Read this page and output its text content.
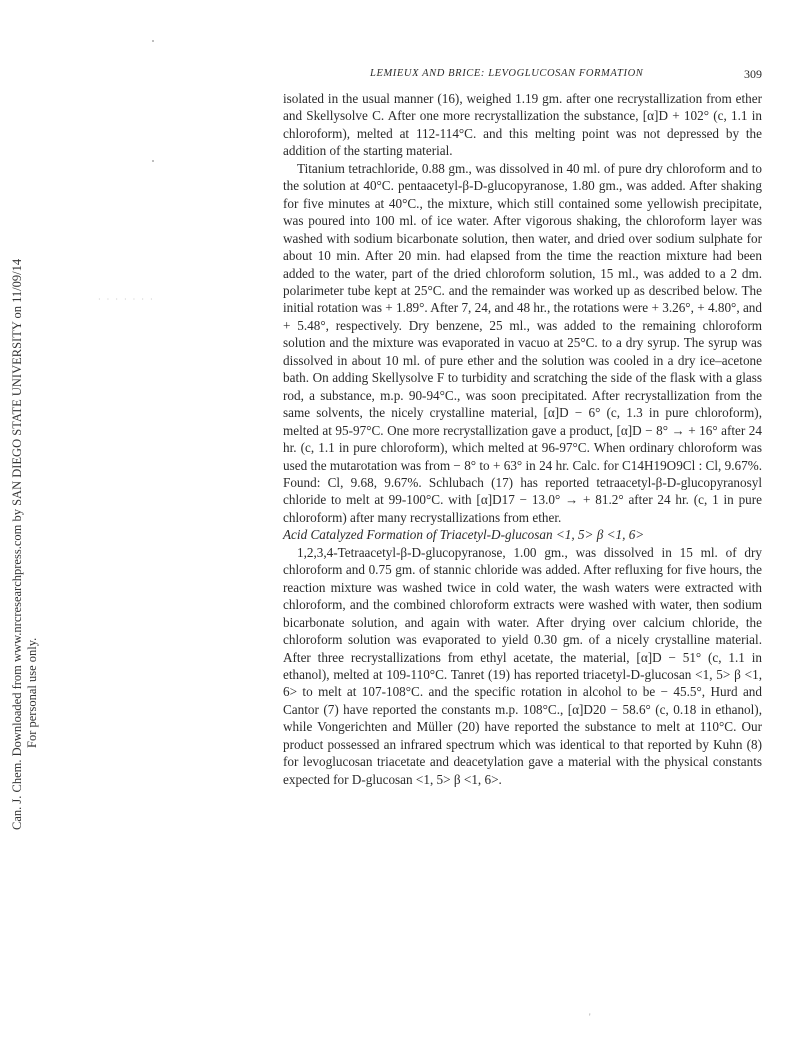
LEMIEUX AND BRICE: LEVOGLUCOSAN FORMATION	309
Can. J. Chem. Downloaded from www.nrcresearchpress.com by SAN DIEGO STATE UNIVERSITY on 11/09/14 For personal use only.
· · · · · · ·

isolated in the usual manner (16), weighed 1.19 gm. after one recrystallization from ether and Skellysolve C. After one more recrystallization the substance, [α]D + 102° (c, 1.1 in chloroform), melted at 112-114°C. and this melting point was not depressed by the addition of the starting material.

Titanium tetrachloride, 0.88 gm., was dissolved in 40 ml. of pure dry chloroform and to the solution at 40°C. pentaacetyl-β-D-glucopyranose, 1.80 gm., was added. After shaking for five minutes at 40°C., the mixture, which still contained some yellowish precipitate, was poured into 100 ml. of ice water. After vigorous shaking, the chloroform layer was washed with sodium bicarbonate solution, then water, and dried over sodium sulphate for about 10 min. After 20 min. had elapsed from the time the reaction mixture had been added to the water, part of the dried chloroform solution, 15 ml., was added to a 2 dm. polarimeter tube kept at 25°C. and the remainder was worked up as described below. The initial rotation was + 1.89°. After 7, 24, and 48 hr., the rotations were + 3.26°, + 4.80°, and + 5.48°, respectively. Dry benzene, 25 ml., was added to the remaining chloroform solution and the mixture was evaporated in vacuo at 25°C. to a dry syrup. The syrup was dissolved in about 10 ml. of pure ether and the solution was cooled in a dry ice–acetone bath. On adding Skellysolve F to turbidity and scratching the side of the flask with a glass rod, a substance, m.p. 90-94°C., was soon precipitated. After recrystallization from the same solvents, the nicely crystalline material, [α]D − 6° (c, 1.3 in pure chloroform), melted at 95-97°C. One more recrystallization gave a product, [α]D − 8° → + 16° after 24 hr. (c, 1.1 in pure chloroform), which melted at 96-97°C. When ordinary chloroform was used the mutarotation was from − 8° to + 63° in 24 hr. Calc. for C14H19O9Cl : Cl, 9.67%. Found: Cl, 9.68, 9.67%. Schlubach (17) has reported tetraacetyl-β-D-glucopyranosyl chloride to melt at 99-100°C. with [α]D17 − 13.0° → + 81.2° after 24 hr. (c, 1 in pure chloroform) after many recrystallizations from ether.

Acid Catalyzed Formation of Triacetyl-D-glucosan <1, 5> β <1, 6>

1,2,3,4-Tetraacetyl-β-D-glucopyranose, 1.00 gm., was dissolved in 15 ml. of dry chloroform and 0.75 gm. of stannic chloride was added. After refluxing for five hours, the reaction mixture was washed twice in cold water, the wash waters were extracted with chloroform, and the combined chloroform extracts were washed with water, then sodium bicarbonate solution, and again with water. After drying over calcium chloride, the chloroform solution was evaporated to yield 0.30 gm. of a nicely crystalline material. After three recrystallizations from ethyl acetate, the material, [α]D − 51° (c, 1.1 in ethanol), melted at 109-110°C. Tanret (19) has reported triacetyl-D-glucosan <1, 5> β <1, 6> to melt at 107-108°C. and the specific rotation in alcohol to be − 45.5°, Hurd and Cantor (7) have reported the constants m.p. 108°C., [α]D20 − 58.6° (c, 0.18 in ethanol), while Vongerichten and Müller (20) have reported the substance to melt at 110°C. Our product possessed an infrared spectrum which was identical to that reported by Kuhn (8) for levoglucosan triacetate and deacetylation gave a material with the physical constants expected for D-glucosan <1, 5> β <1, 6>.

'
